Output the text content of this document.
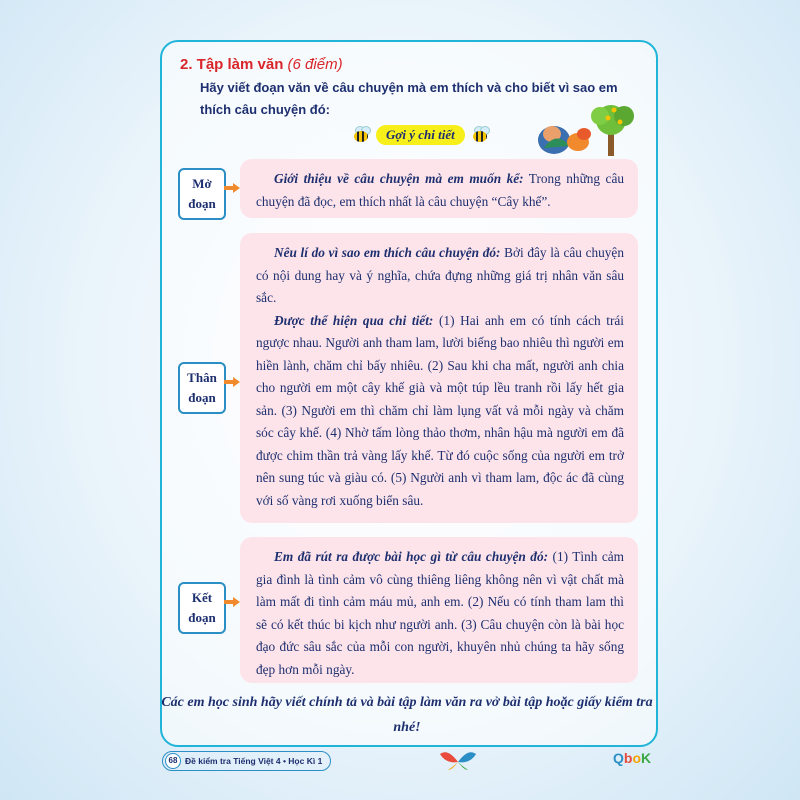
2. Tập làm văn (6 điểm)
Hãy viết đoạn văn về câu chuyện mà em thích và cho biết vì sao em thích câu chuyện đó:
Gợi ý chi tiết
Mở đoạn

Giới thiệu về câu chuyện mà em muốn kể: Trong những câu chuyện đã đọc, em thích nhất là câu chuyện “Cây khế”.

Thân đoạn

Nêu lí do vì sao em thích câu chuyện đó: Bởi đây là câu chuyện có nội dung hay và ý nghĩa, chứa đựng những giá trị nhân văn sâu sắc.

Được thể hiện qua chi tiết: (1) Hai anh em có tính cách trái ngược nhau. Người anh tham lam, lười biếng bao nhiêu thì người em hiền lành, chăm chỉ bấy nhiêu. (2) Sau khi cha mất, người anh chia cho người em một cây khế già và một túp lều tranh rồi lấy hết gia sản. (3) Người em thì chăm chỉ làm lụng vất vả mỗi ngày và chăm sóc cây khế. (4) Nhờ tấm lòng thảo thơm, nhân hậu mà người em đã được chim thần trả vàng lấy khế. Từ đó cuộc sống của người em trở nên sung túc và giàu có. (5) Người anh vì tham lam, độc ác đã cùng với số vàng rơi xuống biển sâu.

Kết đoạn

Em đã rút ra được bài học gì từ câu chuyện đó: (1) Tình cảm gia đình là tình cảm vô cùng thiêng liêng không nên vì vật chất mà làm mất đi tình cảm máu mủ, anh em. (2) Nếu có tính tham lam thì sẽ có kết thúc bi kịch như người anh. (3) Câu chuyện còn là bài học đạo đức sâu sắc của mỗi con người, khuyên nhủ chúng ta hãy sống đẹp hơn mỗi ngày.

Các em học sinh hãy viết chính tả và bài tập làm văn ra vở bài tập hoặc giấy kiểm tra nhé!
68 Đề kiểm tra Tiếng Việt 4 • Học Kì 1	QboK
